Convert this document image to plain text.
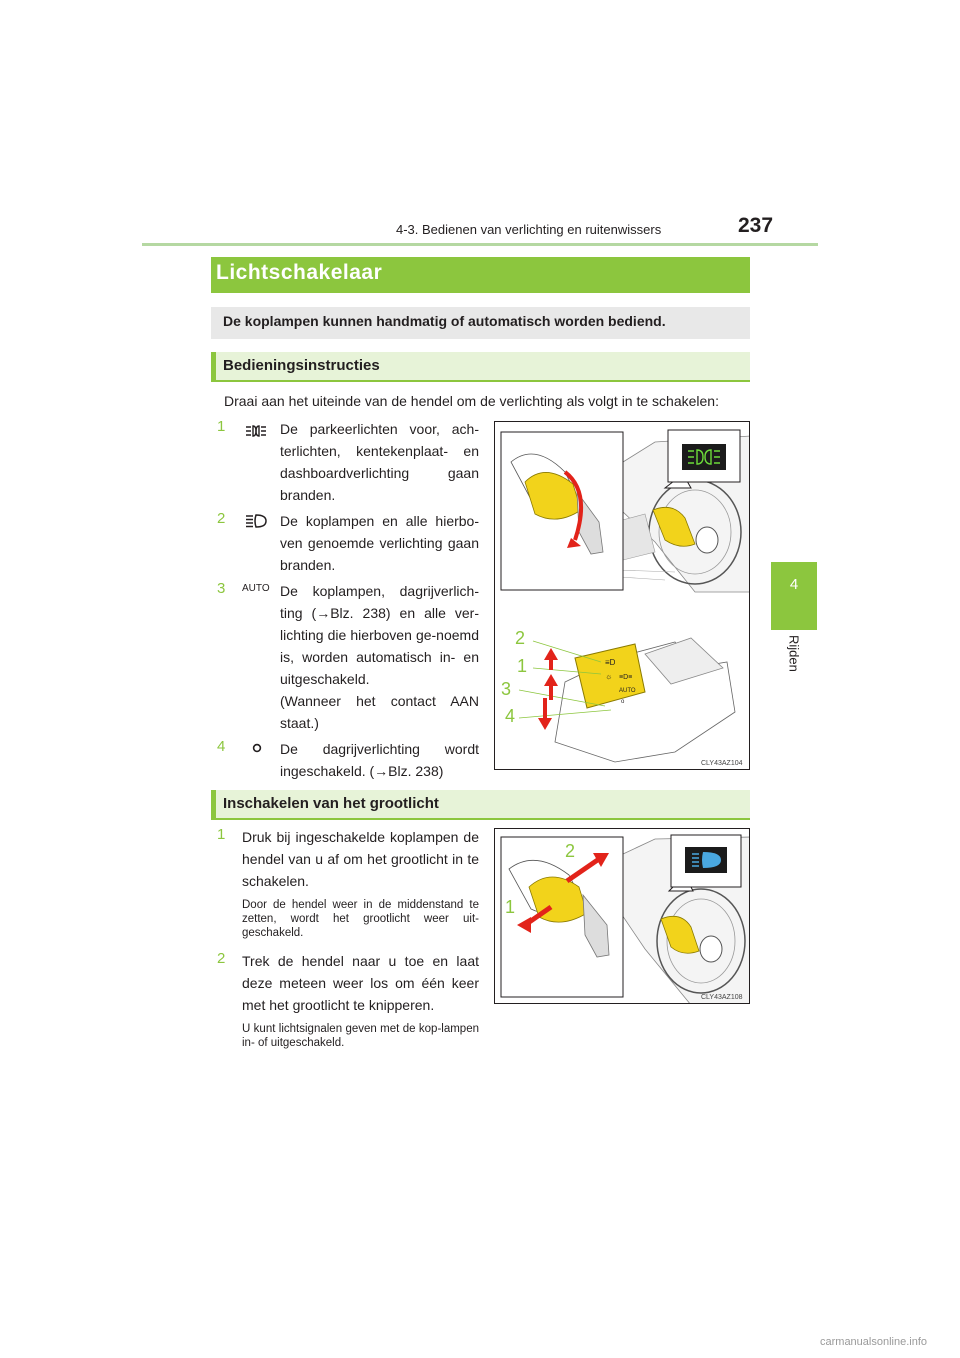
4-3. Bedienen van verlichting en ruitenwissers	237
4
Rijden
Lichtschakelaar
De koplampen kunnen handmatig of automatisch worden bediend.
Bedieningsinstructies
Draai aan het uiteinde van de hendel om de verlichting als volgt in te schakelen:
1	De parkeerlichten voor, ach-terlichten, kentekenplaat- en dashboardverlichting gaan branden.
2	De koplampen en alle hierbo-ven genoemde verlichting gaan branden.
3	AUTO De koplampen, dagrijverlich-ting (→Blz. 238) en alle ver-lichting die hierboven ge-noemd is, worden automatisch in- en uitgeschakeld.
(Wanneer het contact AAN staat.)
4	De dagrijverlichting wordt ingeschakeld. (→Blz. 238)
≡D
☼ ≡D≡
AUTO
o
2
1
3
4
CLY43AZ104
Inschakelen van het grootlicht
1	Druk bij ingeschakelde koplampen de hendel van u af om het grootlicht in te schakelen.
Door de hendel weer in de middenstand te zetten, wordt het grootlicht weer uit-geschakeld.
2	Trek de hendel naar u toe en laat deze meteen weer los om één keer met het grootlicht te knipperen.
U kunt lichtsignalen geven met de kop-lampen in- of uitgeschakeld.
2
1
CLY43AZ108
carmanualsonline.info
